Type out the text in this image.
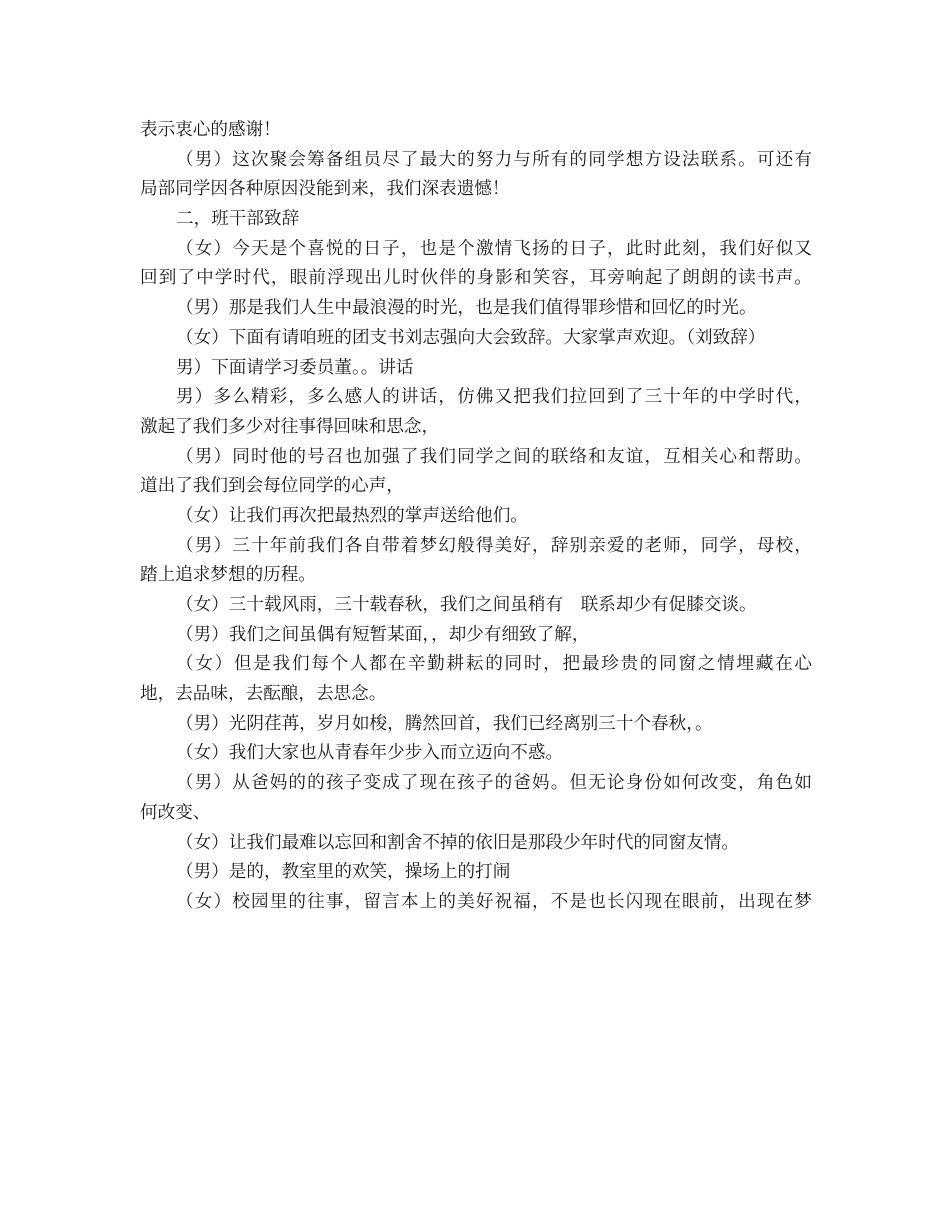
表示衷心的感谢！

（男）这次聚会筹备组员尽了最大的努力与所有的同学想方设法联系。可还有

局部同学因各种原因没能到来，我们深表遗憾！

二，班干部致辞

（女）今天是个喜悦的日子，也是个激情飞扬的日子，此时此刻，我们好似又

回到了中学时代，眼前浮现出儿时伙伴的身影和笑容，耳旁响起了朗朗的读书声。

（男）那是我们人生中最浪漫的时光，也是我们值得罪珍惜和回忆的时光。

（女）下面有请咱班的团支书刘志强向大会致辞。大家掌声欢迎。（刘致辞）

男）下面请学习委员董。。讲话

男）多么精彩，多么感人的讲话，仿佛又把我们拉回到了三十年的中学时代，

激起了我们多少对往事得回味和思念，

（男）同时他的号召也加强了我们同学之间的联络和友谊，互相关心和帮助。

道出了我们到会每位同学的心声，

（女）让我们再次把最热烈的掌声送给他们。

（男）三十年前我们各自带着梦幻般得美好，辞别亲爱的老师，同学，母校，

踏上追求梦想的历程。

（女）三十载风雨，三十载春秋，我们之间虽稍有　联系却少有促膝交谈。

（男）我们之间虽偶有短暂某面，，却少有细致了解，

（女）但是我们每个人都在辛勤耕耘的同时，把最珍贵的同窗之情埋藏在心

地，去品味，去酝酿，去思念。

（男）光阴荏苒，岁月如梭，腾然回首，我们已经离别三十个春秋，。

（女）我们大家也从青春年少步入而立迈向不惑。

（男）从爸妈的的孩子变成了现在孩子的爸妈。但无论身份如何改变，角色如

何改变、

（女）让我们最难以忘回和割舍不掉的依旧是那段少年时代的同窗友情。

（男）是的，教室里的欢笑，操场上的打闹

（女）校园里的往事，留言本上的美好祝福，不是也长闪现在眼前，出现在梦
